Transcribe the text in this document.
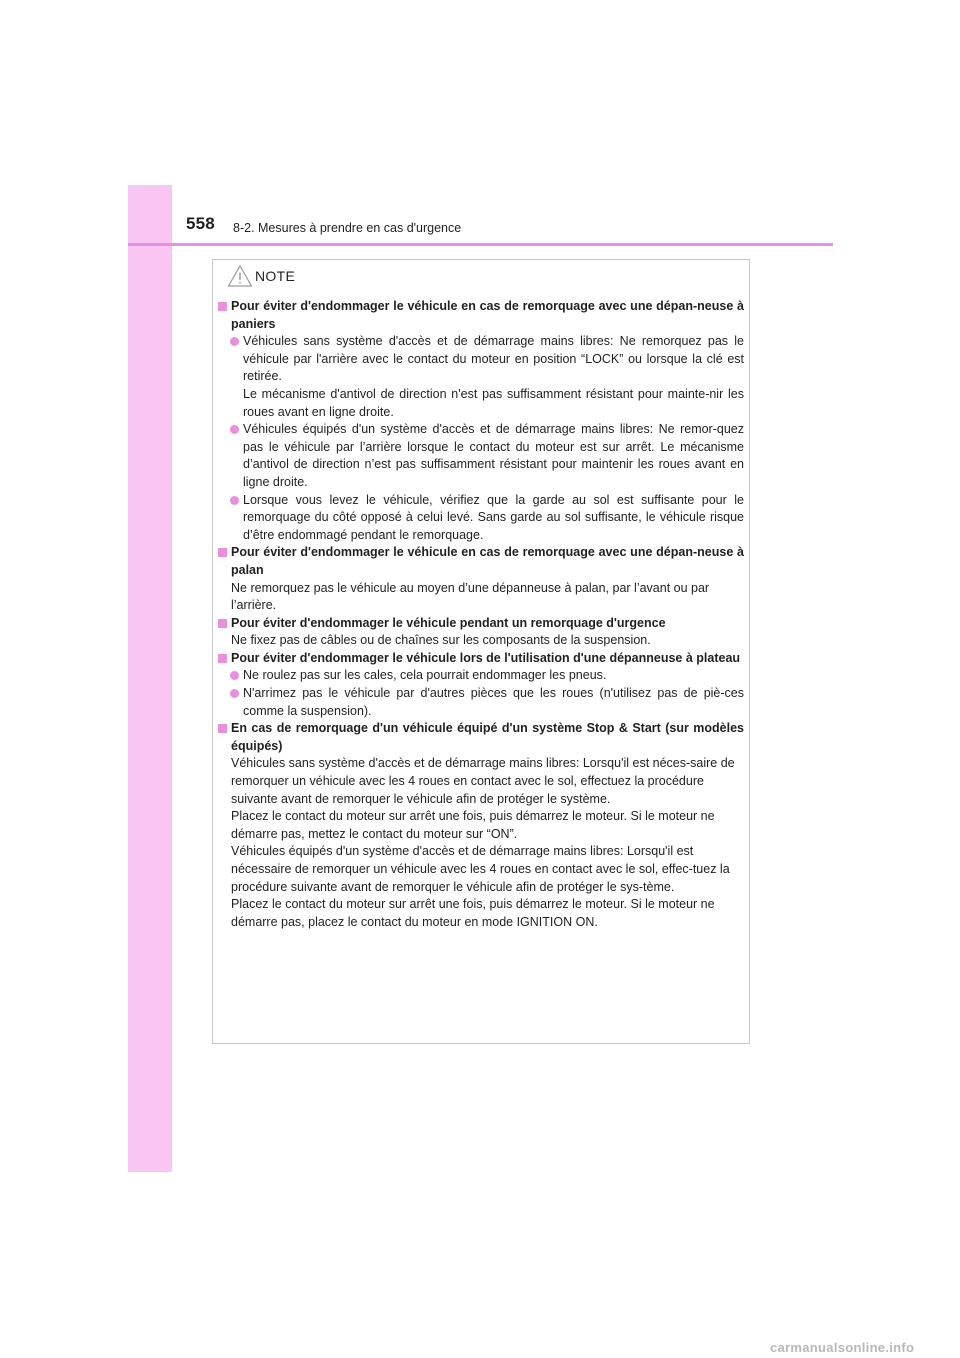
558 8-2. Mesures à prendre en cas d'urgence
NOTE

Pour éviter d'endommager le véhicule en cas de remorquage avec une dépan-neuse à paniers

Véhicules sans système d'accès et de démarrage mains libres: Ne remorquez pas le véhicule par l'arrière avec le contact du moteur en position “LOCK” ou lorsque la clé est retirée.
Le mécanisme d'antivol de direction n'est pas suffisamment résistant pour mainte-nir les roues avant en ligne droite.

Véhicules équipés d'un système d'accès et de démarrage mains libres: Ne remor-quez pas le véhicule par l’arrière lorsque le contact du moteur est sur arrêt. Le mécanisme d’antivol de direction n’est pas suffisamment résistant pour maintenir les roues avant en ligne droite.

Lorsque vous levez le véhicule, vérifiez que la garde au sol est suffisante pour le remorquage du côté opposé à celui levé. Sans garde au sol suffisante, le véhicule risque d’être endommagé pendant le remorquage.

Pour éviter d'endommager le véhicule en cas de remorquage avec une dépan-neuse à palan

Ne remorquez pas le véhicule au moyen d’une dépanneuse à palan, par l’avant ou par l’arrière.

Pour éviter d'endommager le véhicule pendant un remorquage d'urgence

Ne fixez pas de câbles ou de chaînes sur les composants de la suspension.

Pour éviter d'endommager le véhicule lors de l'utilisation d'une dépanneuse à plateau

Ne roulez pas sur les cales, cela pourrait endommager les pneus.

N'arrimez pas le véhicule par d'autres pièces que les roues (n'utilisez pas de piè-ces comme la suspension).

En cas de remorquage d'un véhicule équipé d'un système Stop & Start (sur modèles équipés)

Véhicules sans système d'accès et de démarrage mains libres: Lorsqu'il est néces-saire de remorquer un véhicule avec les 4 roues en contact avec le sol, effectuez la procédure suivante avant de remorquer le véhicule afin de protéger le système.
Placez le contact du moteur sur arrêt une fois, puis démarrez le moteur. Si le moteur ne démarre pas, mettez le contact du moteur sur “ON”.

Véhicules équipés d'un système d'accès et de démarrage mains libres: Lorsqu'il est nécessaire de remorquer un véhicule avec les 4 roues en contact avec le sol, effec-tuez la procédure suivante avant de remorquer le véhicule afin de protéger le sys-tème.
Placez le contact du moteur sur arrêt une fois, puis démarrez le moteur. Si le moteur ne démarre pas, placez le contact du moteur en mode IGNITION ON.

carmanualsonline.info
